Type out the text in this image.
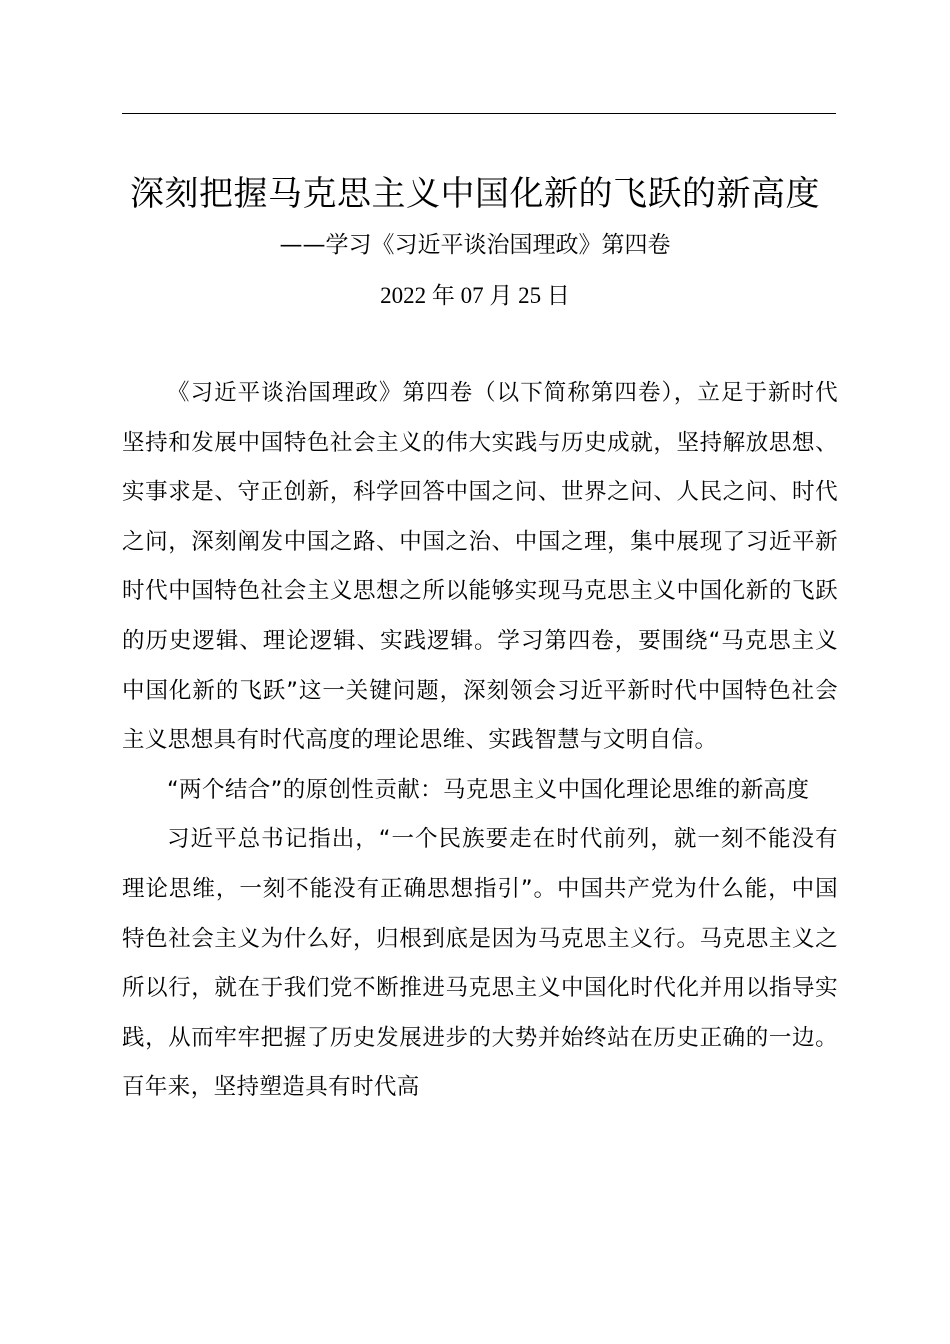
深刻把握马克思主义中国化新的飞跃的新高度
——学习《习近平谈治国理政》第四卷
2022 年 07 月 25 日

《习近平谈治国理政》第四卷（以下简称第四卷），立足于新时代坚持和发展中国特色社会主义的伟大实践与历史成就，坚持解放思想、实事求是、守正创新，科学回答中国之问、世界之问、人民之问、时代之问，深刻阐发中国之路、中国之治、中国之理，集中展现了习近平新时代中国特色社会主义思想之所以能够实现马克思主义中国化新的飞跃的历史逻辑、理论逻辑、实践逻辑。学习第四卷，要围绕“马克思主义中国化新的飞跃”这一关键问题，深刻领会习近平新时代中国特色社会主义思想具有时代高度的理论思维、实践智慧与文明自信。

“两个结合”的原创性贡献：马克思主义中国化理论思维的新高度

习近平总书记指出，“一个民族要走在时代前列，就一刻不能没有理论思维，一刻不能没有正确思想指引”。中国共产党为什么能，中国特色社会主义为什么好，归根到底是因为马克思主义行。马克思主义之所以行，就在于我们党不断推进马克思主义中国化时代化并用以指导实践，从而牢牢把握了历史发展进步的大势并始终站在历史正确的一边。百年来，坚持塑造具有时代高
